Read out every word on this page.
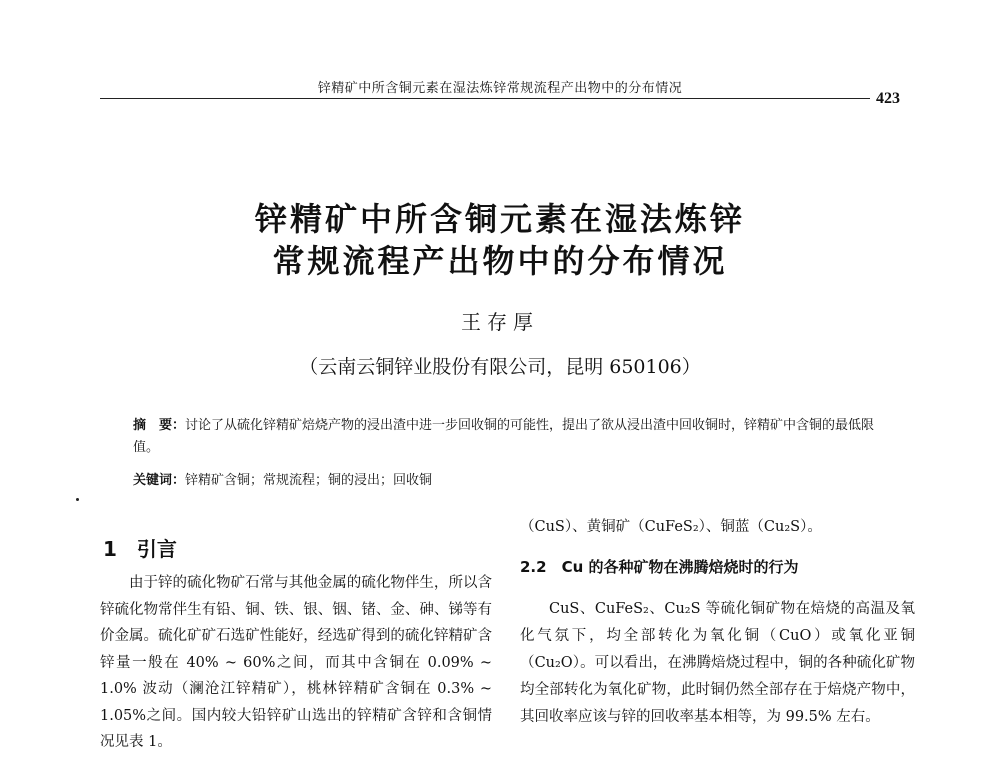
锌精矿中所含铜元素在湿法炼锌常规流程产出物中的分布情况
423
锌精矿中所含铜元素在湿法炼锌
常规流程产出物中的分布情况
王存厚
（云南云铜锌业股份有限公司，昆明 650106）
摘　要：讨论了从硫化锌精矿焙烧产物的浸出渣中进一步回收铜的可能性，提出了欲从浸出渣中回收铜时，锌精矿中含铜的最低限值。
关键词：锌精矿含铜；常规流程；铜的浸出；回收铜
1　引言
由于锌的硫化物矿石常与其他金属的硫化物伴生，所以含锌硫化物常伴生有铅、铜、铁、银、铟、锗、金、砷、锑等有价金属。硫化矿矿石选矿性能好，经选矿得到的硫化锌精矿含锌量一般在 40% ~ 60%之间，而其中含铜在 0.09% ~ 1.0% 波动（澜沧江锌精矿），桃林锌精矿含铜在 0.3% ~ 1.05%之间。国内较大铅锌矿山选出的锌精矿含锌和含铜情况见表 1。
（CuS）、黄铜矿（CuFeS₂）、铜蓝（Cu₂S）。
2.2　Cu 的各种矿物在沸腾焙烧时的行为
CuS、CuFeS₂、Cu₂S 等硫化铜矿物在焙烧的高温及氧化气氛下，均全部转化为氧化铜（CuO）或氧化亚铜（Cu₂O）。可以看出，在沸腾焙烧过程中，铜的各种硫化矿物均全部转化为氧化矿物，此时铜仍然全部存在于焙烧产物中，其回收率应该与锌的回收率基本相等，为 99.5% 左右。
